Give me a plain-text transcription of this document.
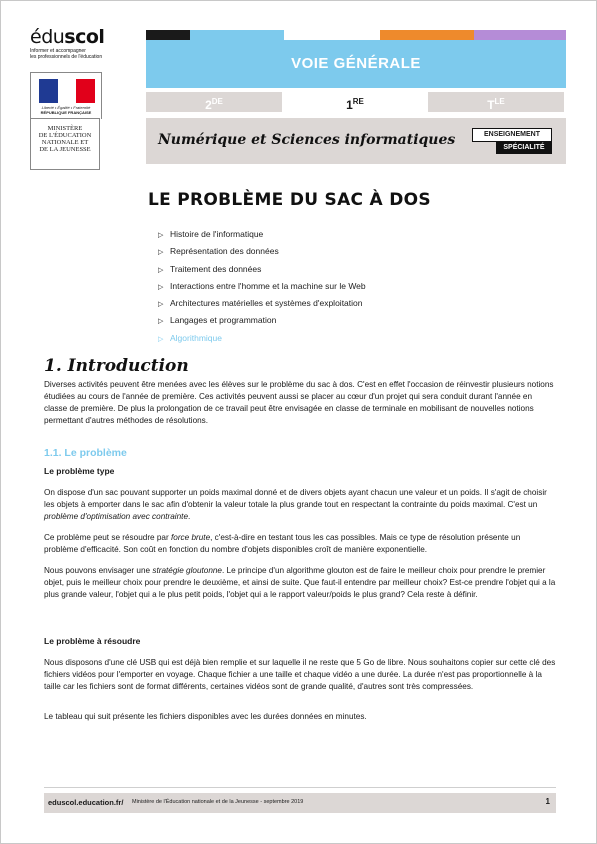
éduscol
Informer et accompagner
les professionnels de l'éducation
Liberté • Égalité • Fraternité
RÉPUBLIQUE FRANÇAISE
MINISTÈRE
DE L'ÉDUCATION
NATIONALE ET
DE LA JEUNESSE
VOIE GÉNÉRALE
2DE	1RE	$T^{LE}$
Numérique et Sciences informatiques	ENSEIGNEMENT
SPÉCIALITÉ
LE PROBLÈME DU SAC À DOS
▷ Histoire de l'informatique
▷ Représentation des données
▷ Traitement des données
▷ Interactions entre l'homme et la machine sur le Web
▷ Architectures matérielles et systèmes d'exploitation
▷ Langages et programmation
▷ Algorithmique
1. Introduction

Diverses activités peuvent être menées avec les élèves sur le problème du sac à dos. C'est en effet l'occasion de réinvestir plusieurs notions étudiées au cours de l'année de première. Ces activités peuvent aussi se placer au cœur d'un projet qui sera conduit durant l'année en classe de première. De plus la prolongation de ce travail peut être envisagée en classe de terminale en mobilisant de nouvelles notions permettant d'autres méthodes de résolutions.

1.1. Le problème
Le problème type

On dispose d'un sac pouvant supporter un poids maximal donné et de divers objets ayant chacun une valeur et un poids. Il s'agit de choisir les objets à emporter dans le sac afin d'obtenir la valeur totale la plus grande tout en respectant la contrainte du poids maximal. C'est un problème d'optimisation avec contrainte.

Ce problème peut se résoudre par force brute, c'est-à-dire en testant tous les cas possibles. Mais ce type de résolution présente un problème d'efficacité. Son coût en fonction du nombre d'objets disponibles croît de manière exponentielle.

Nous pouvons envisager une stratégie gloutonne. Le principe d'un algorithme glouton est de faire le meilleur choix pour prendre le premier objet, puis le meilleur choix pour prendre le deuxième, et ainsi de suite. Que faut-il entendre par meilleur choix? Est-ce prendre l'objet qui a la plus grande valeur, l'objet qui a le plus petit poids, l'objet qui a le rapport valeur/poids le plus grand? Cela reste à définir.

Le problème à résoudre

Nous disposons d'une clé USB qui est déjà bien remplie et sur laquelle il ne reste que 5 Go de libre. Nous souhaitons copier sur cette clé des fichiers vidéos pour l'emporter en voyage. Chaque fichier a une taille et chaque vidéo a une durée. La durée n'est pas proportionnelle à la taille car les fichiers sont de format différents, certaines vidéos sont de grande qualité, d'autres sont très compressées.

Le tableau qui suit présente les fichiers disponibles avec les durées données en minutes.

eduscol.education.fr/ Ministère de l'Éducation nationale et de la Jeunesse - septembre 2019	1
